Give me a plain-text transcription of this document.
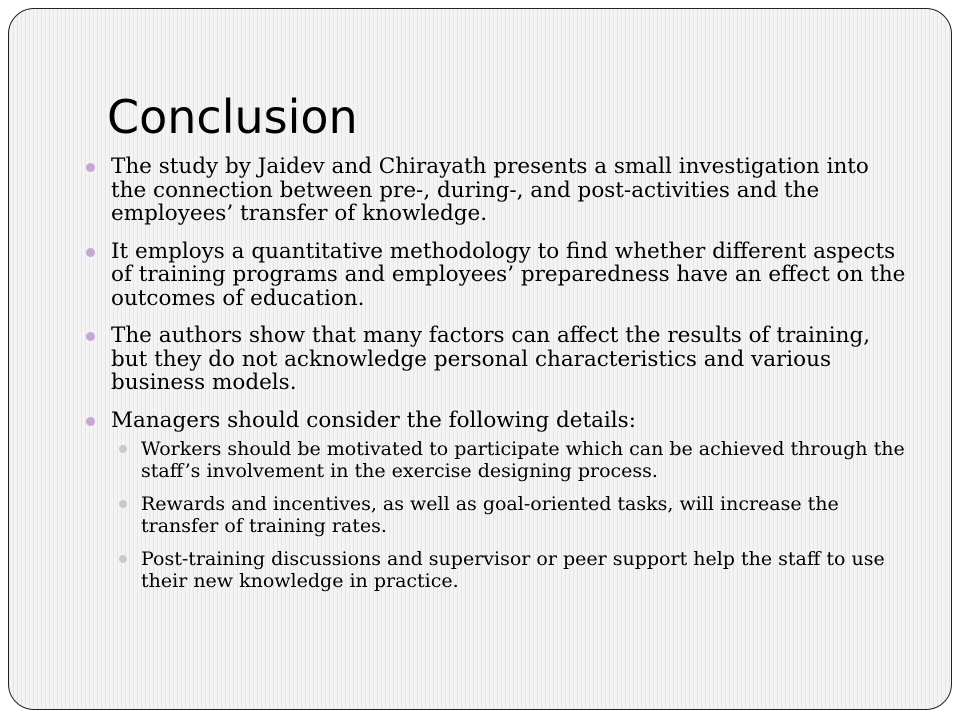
Conclusion
The study by Jaidev and Chirayath presents a small investigation into the connection between pre-, during-, and post-activities and the employees’ transfer of knowledge.
It employs a quantitative methodology to find whether different aspects of training programs and employees’ preparedness have an effect on the outcomes of education.
The authors show that many factors can affect the results of training, but they do not acknowledge personal characteristics and various business models.
Managers should consider the following details:
Workers should be motivated to participate which can be achieved through the staff’s involvement in the exercise designing process.
Rewards and incentives, as well as goal-oriented tasks, will increase the transfer of training rates.
Post-training discussions and supervisor or peer support help the staff to use their new knowledge in practice.
